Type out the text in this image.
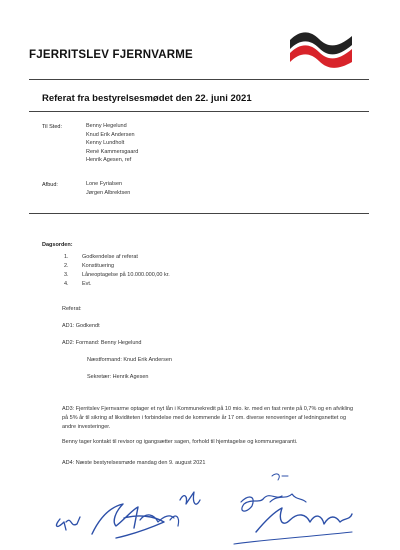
FJERRITSLEV FJERNVARME
Referat fra bestyrelsesmødet den 22. juni 2021
Til Sted:	Benny Hegelund
Knud Erik Andersen
Kenny Lundholt
René Kammersgaard
Henrik Agesen, ref
Afbud:	Lone Fyrialsen
Jørgen Albrektsen
Dagsorden:
1.	Godkendelse af referat
2.	Konstituering
3.	Låneoptagelse på 10.000.000,00 kr.
4.	Evt.
Referat:
AD1: Godkendt
AD2: Formand: Benny Hegelund
Næstformand: Knud Erik Andersen
Sekretær: Henrik Agesen
AD3: Fjerritslev Fjernvarme optager et nyt lån i Kommunekredit på 10 mio. kr. med en fast rente på 0,7% og en afvikling på 5% år til sikring af likviditeten i forbindelse med de kommende år 17 om. diverse renoveringer af ledningsnettet og andre investeringer.
Benny tager kontakt til revisor og igangsætter sagen, forhold til hjemtagelse og kommunegaranti.
AD4: Næste bestyrelsesmøde mandag den 9. august 2021
